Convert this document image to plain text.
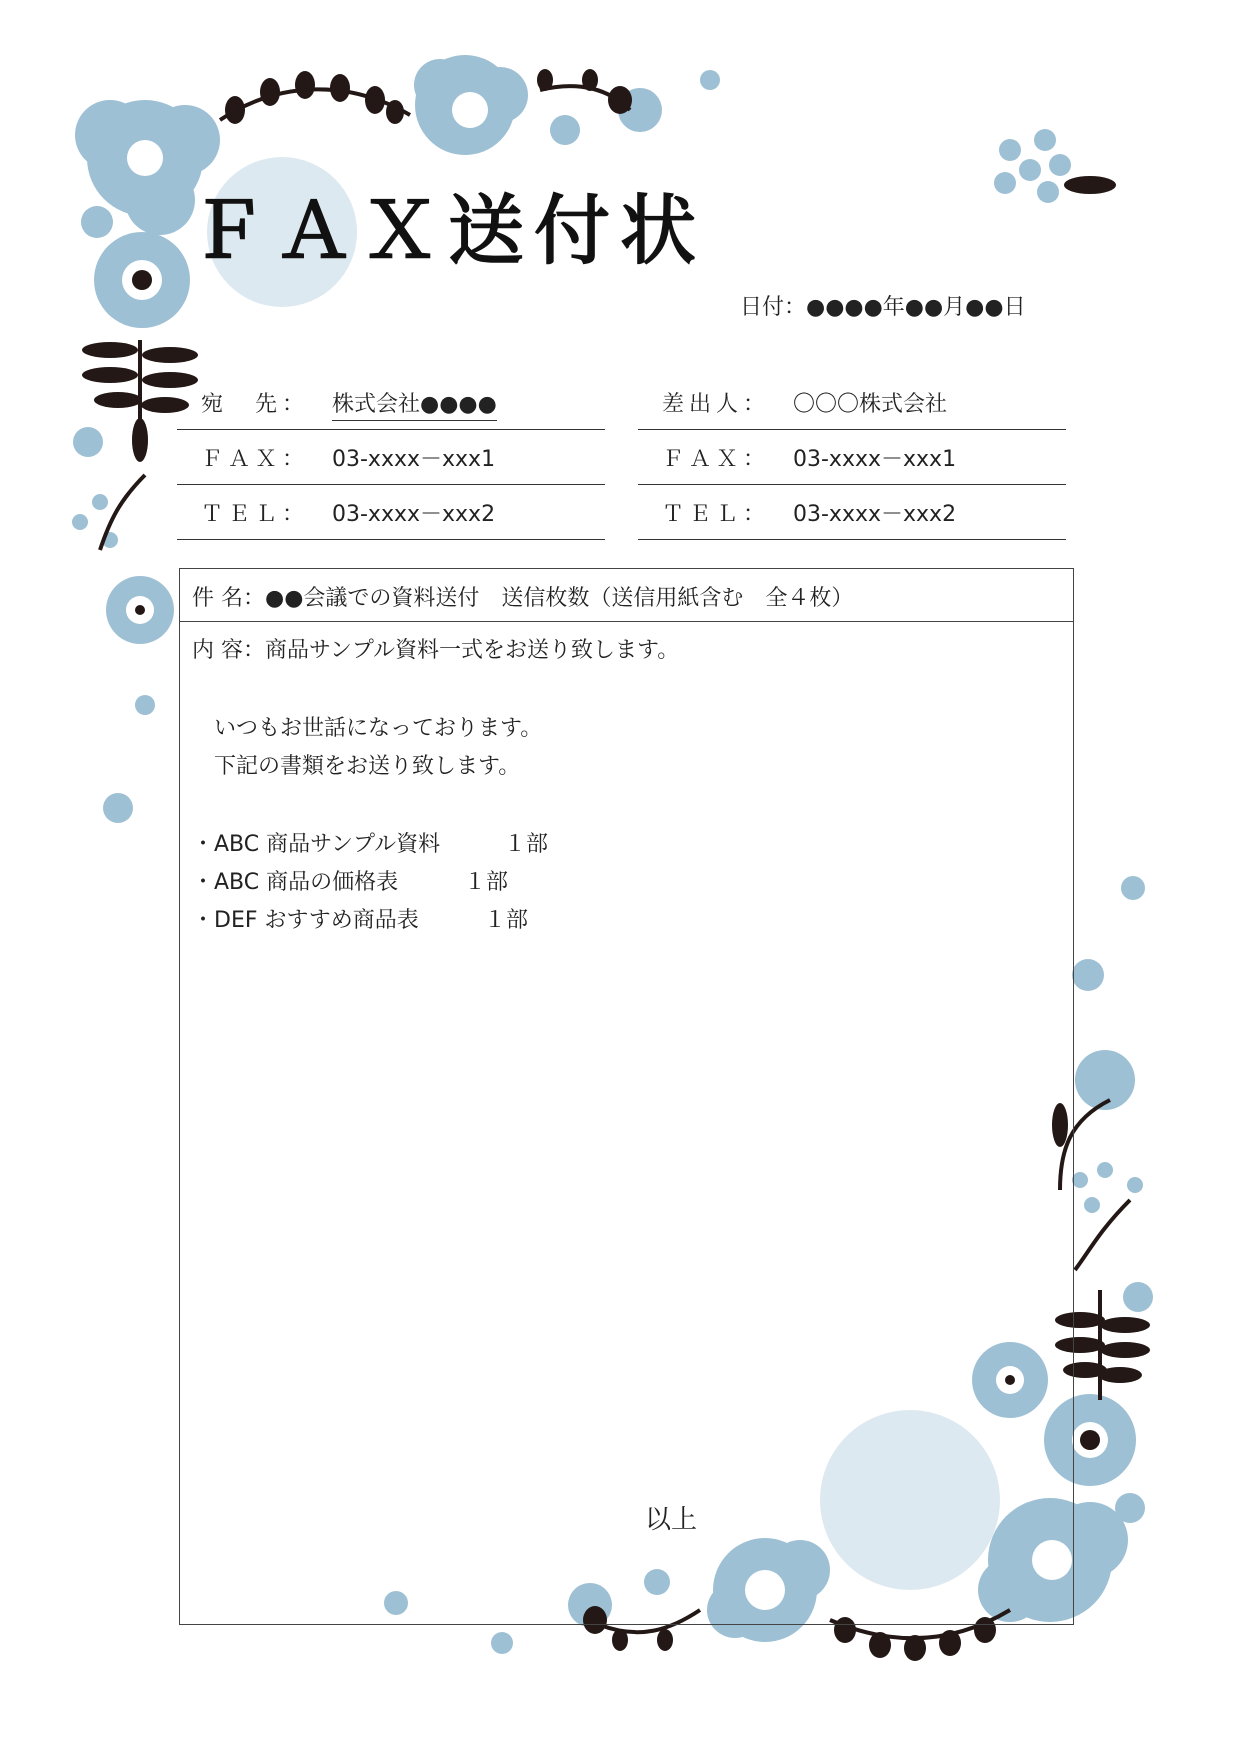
ＦＡＸ送付状
日付：●●●●年●●月●●日
宛　先： 株式会社●●●●
ＦＡＸ： 03-xxxx－xxx1
ＴＥＬ： 03-xxxx－xxx2
差出人： 〇〇〇株式会社
ＦＡＸ： 03-xxxx－xxx1
ＴＥＬ： 03-xxxx－xxx2
件 名：●●会議での資料送付　送信枚数（送信用紙含む　全４枚）
内 容：商品サンプル資料一式をお送り致します。
いつもお世話になっております。
下記の書類をお送り致します。
・ABC 商品サンプル資料	１部
・ABC 商品の価格表	１部
・DEF おすすめ商品表	１部
以上
